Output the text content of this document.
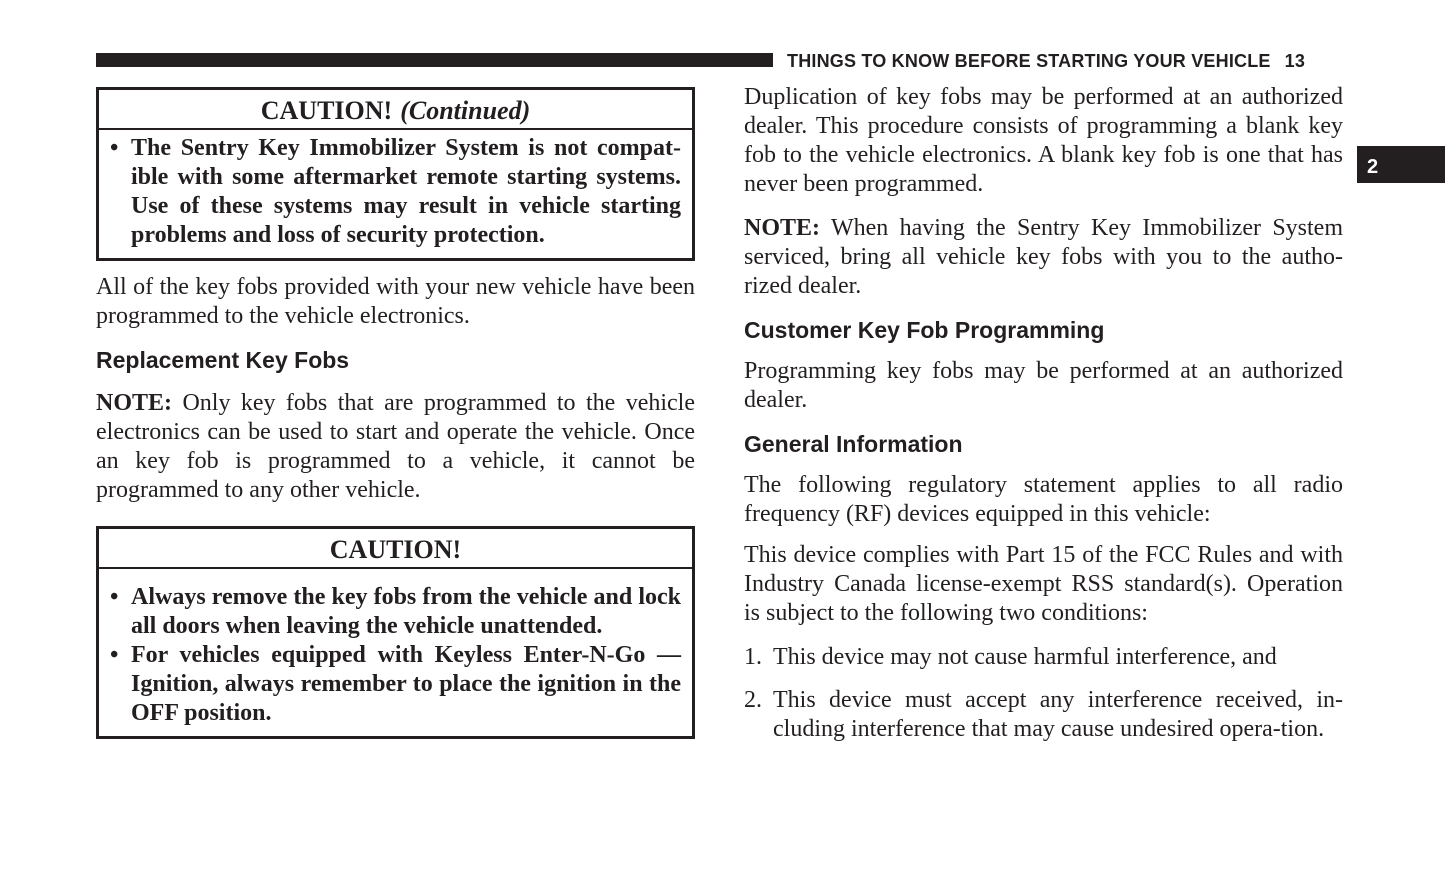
THINGS TO KNOW BEFORE STARTING YOUR VEHICLE 13
2
CAUTION! (Continued)
• The Sentry Key Immobilizer System is not compat-ible with some aftermarket remote starting systems. Use of these systems may result in vehicle starting problems and loss of security protection.

All of the key fobs provided with your new vehicle have been programmed to the vehicle electronics.

Replacement Key Fobs

NOTE: Only key fobs that are programmed to the vehicle electronics can be used to start and operate the vehicle. Once an key fob is programmed to a vehicle, it cannot be programmed to any other vehicle.

CAUTION!
• Always remove the key fobs from the vehicle and lock all doors when leaving the vehicle unattended.
• For vehicles equipped with Keyless Enter-N-Go — Ignition, always remember to place the ignition in the OFF position.

Duplication of key fobs may be performed at an authorized dealer. This procedure consists of programming a blank key fob to the vehicle electronics. A blank key fob is one that has never been programmed.

NOTE: When having the Sentry Key Immobilizer System serviced, bring all vehicle key fobs with you to the autho-rized dealer.

Customer Key Fob Programming

Programming key fobs may be performed at an authorized dealer.

General Information

The following regulatory statement applies to all radio frequency (RF) devices equipped in this vehicle:

This device complies with Part 15 of the FCC Rules and with Industry Canada license-exempt RSS standard(s). Operation is subject to the following two conditions:

1. This device may not cause harmful interference, and
2. This device must accept any interference received, in-cluding interference that may cause undesired opera-tion.
